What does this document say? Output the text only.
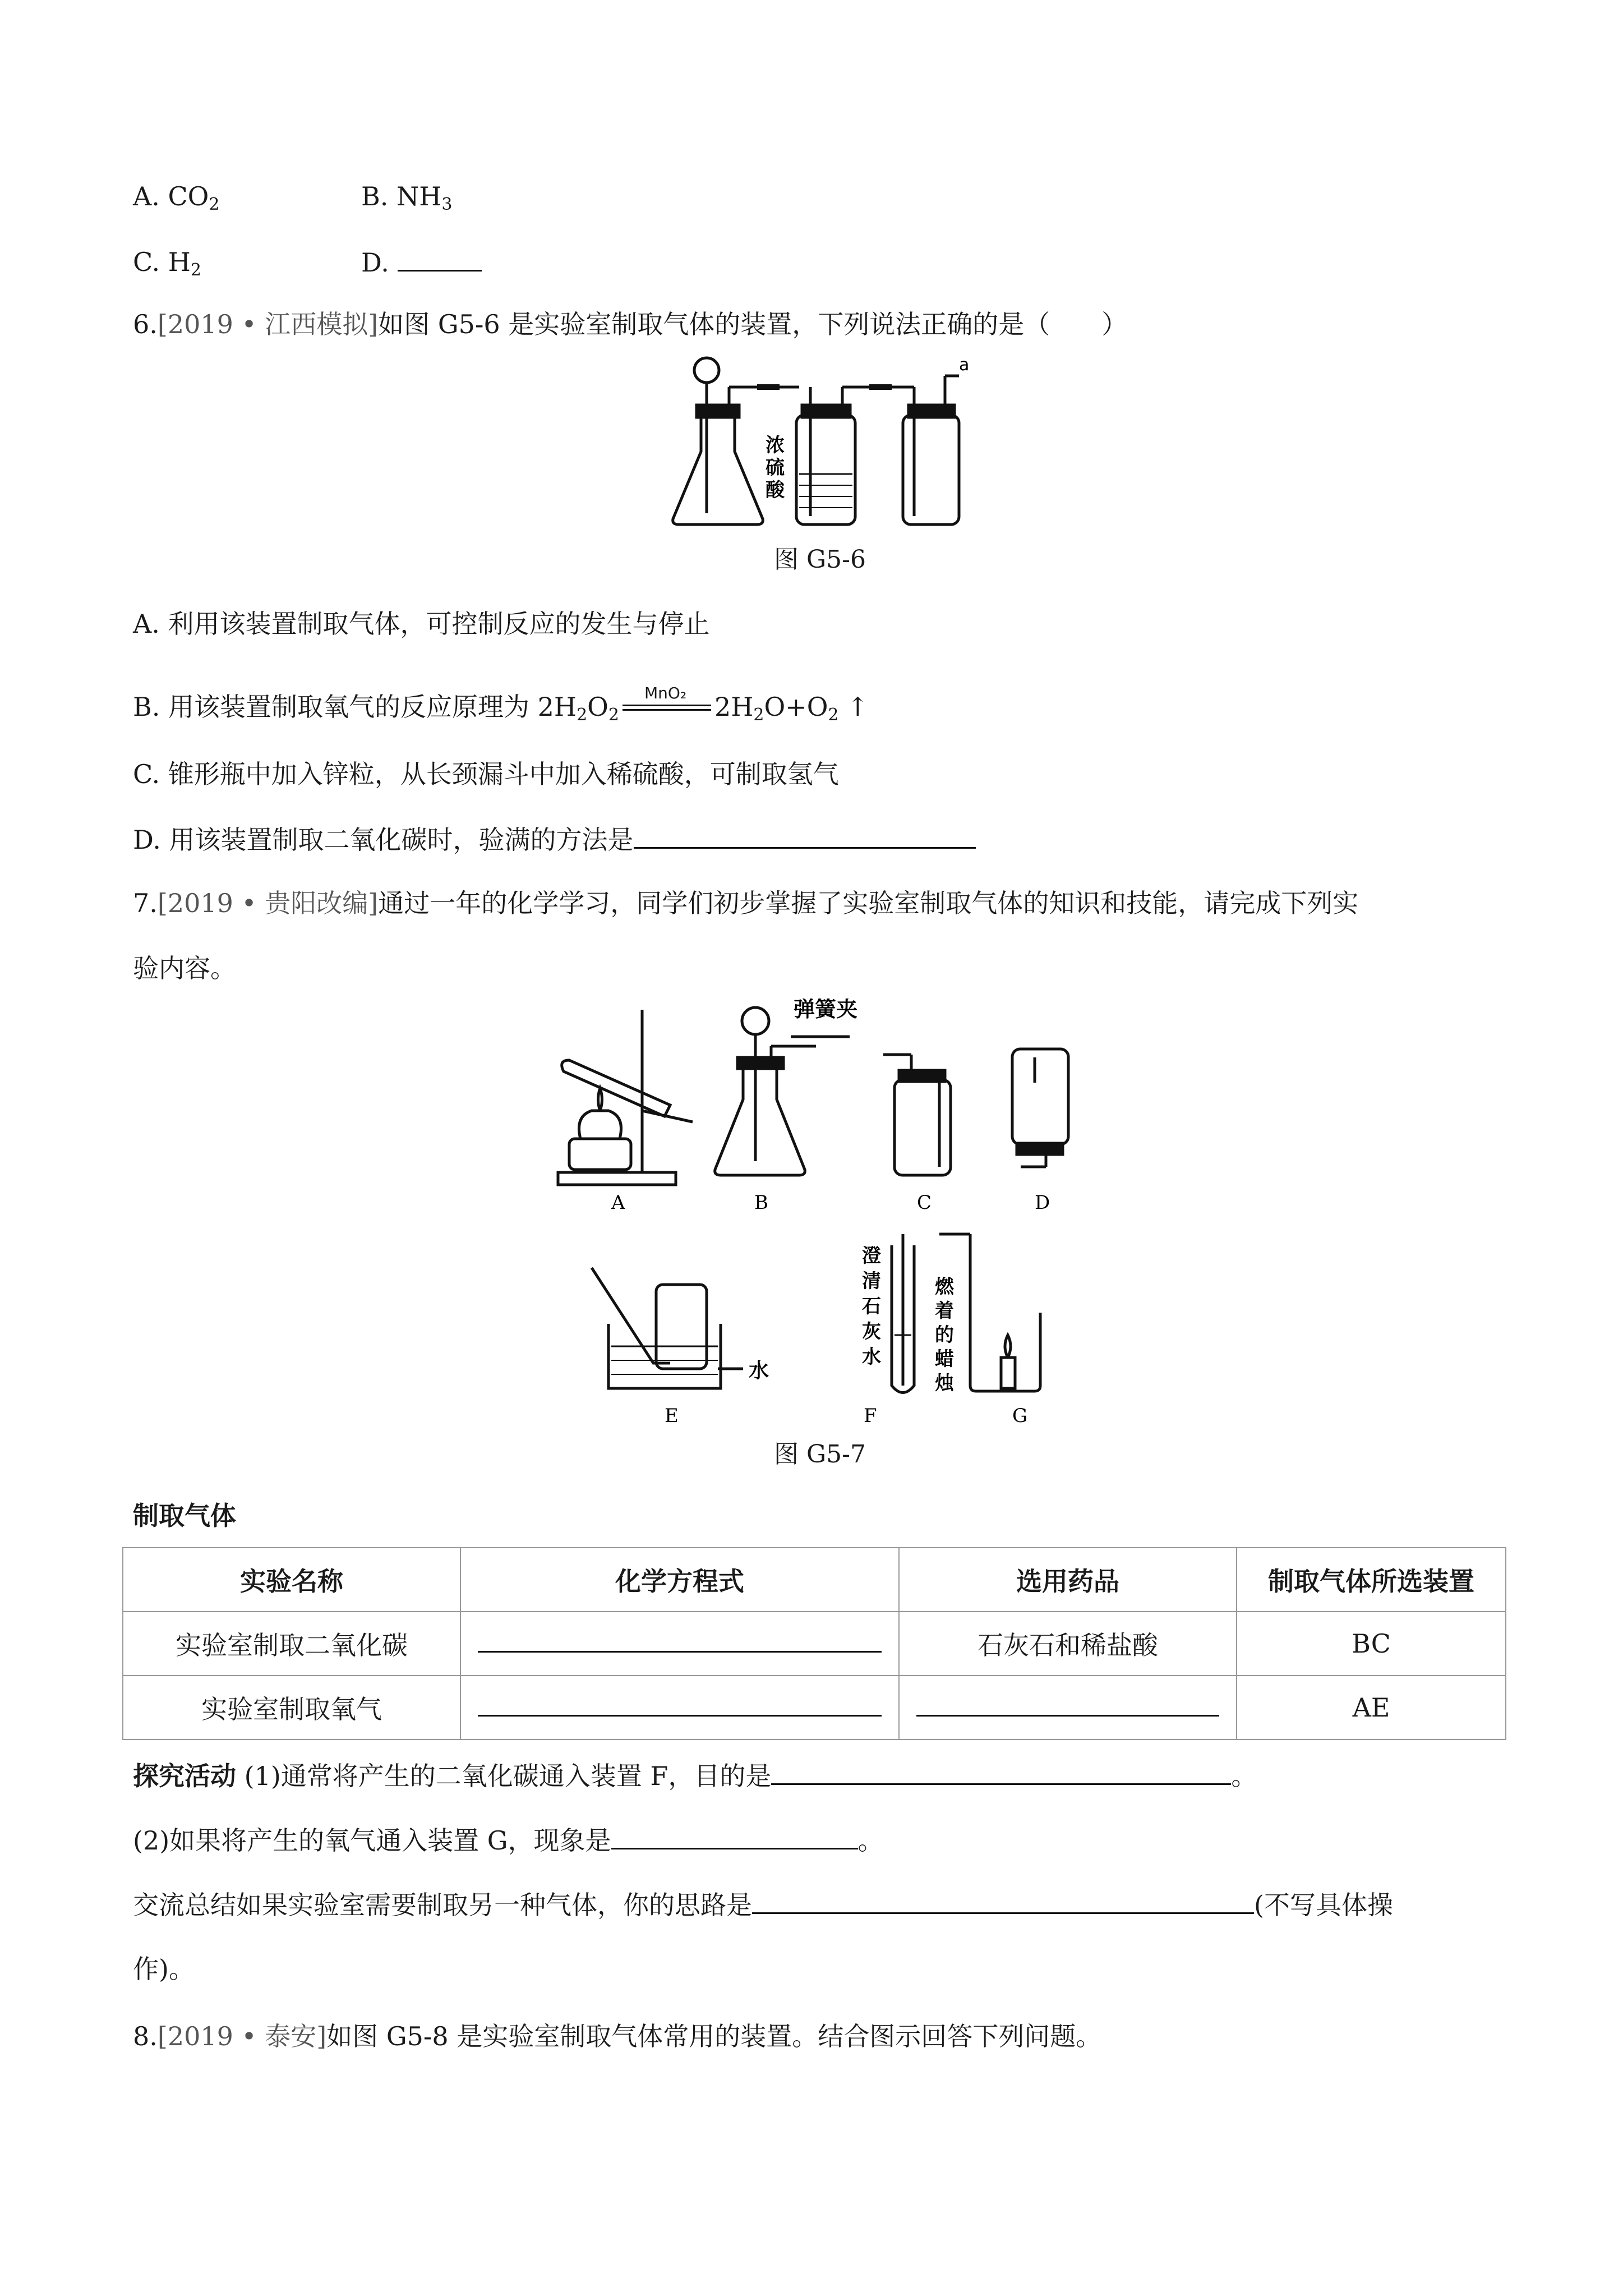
A. $CO_2$	B. $NH_3$
C. $H_2$	D.
6.[2019 • 江西模拟]如图 G5-6 是实验室制取气体的装置，下列说法正确的是（　　）
a
浓
硫
酸
图 G5-6
A. 利用该装置制取气体，可控制反应的发生与停止
B. 用该装置制取氧气的反应原理为 $2H_2O_2$
MnO₂ $2H_2O+O_2$ ↑
C. 锥形瓶中加入锌粒，从长颈漏斗中加入稀硫酸，可制取氢气
D. 用该装置制取二氧化碳时，验满的方法是
7.[2019 • 贵阳改编]通过一年的化学学习，同学们初步掌握了实验室制取气体的知识和技能，请完成下列实
验内容。
弹簧夹
A	B	C	D
水
澄
清
石
灰
水
燃
着
的
蜡
烛
E	F	G
图 G5-7
制取气体
实验名称	化学方程式	选用药品	制取气体所选装置
实验室制取二氧化碳		石灰石和稀盐酸	BC
实验室制取氧气			AE
探究活动 (1)通常将产生的二氧化碳通入装置 F，目的是	。
(2)如果将产生的氧气通入装置 G，现象是	。
交流总结如果实验室需要制取另一种气体，你的思路是	(不写具体操
作)。
8.[2019 • 泰安]如图 G5-8 是实验室制取气体常用的装置。结合图示回答下列问题。
